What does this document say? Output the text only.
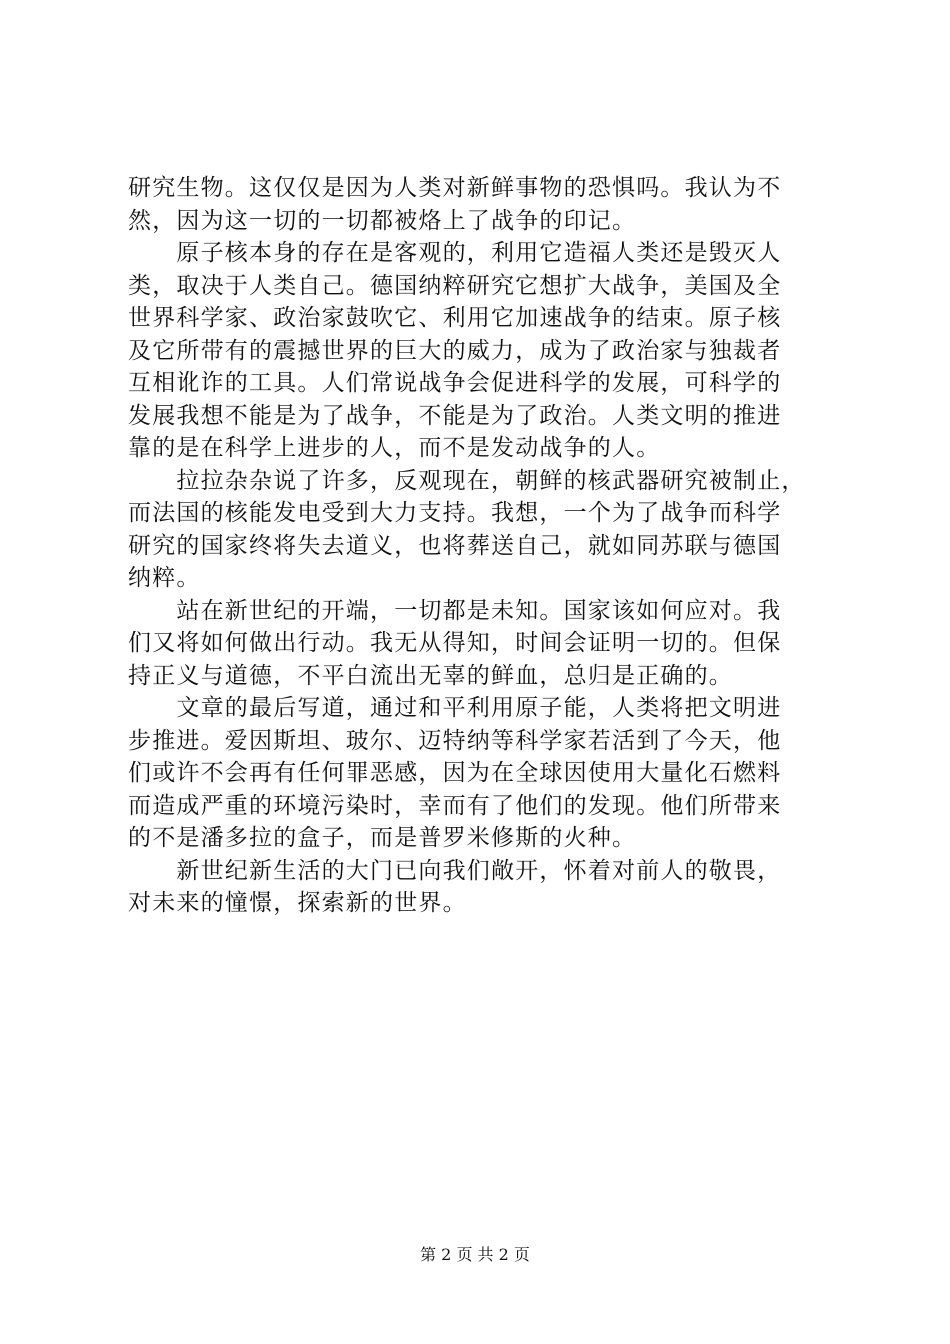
研究生物。这仅仅是因为人类对新鲜事物的恐惧吗。我认为不
然，因为这一切的一切都被烙上了战争的印记。
　　原子核本身的存在是客观的，利用它造福人类还是毁灭人
类，取决于人类自己。德国纳粹研究它想扩大战争，美国及全
世界科学家、政治家鼓吹它、利用它加速战争的结束。原子核
及它所带有的震撼世界的巨大的威力，成为了政治家与独裁者
互相讹诈的工具。人们常说战争会促进科学的发展，可科学的
发展我想不能是为了战争，不能是为了政治。人类文明的推进
靠的是在科学上进步的人，而不是发动战争的人。
　　拉拉杂杂说了许多，反观现在，朝鲜的核武器研究被制止，
而法国的核能发电受到大力支持。我想，一个为了战争而科学
研究的国家终将失去道义，也将葬送自己，就如同苏联与德国
纳粹。
　　站在新世纪的开端，一切都是未知。国家该如何应对。我
们又将如何做出行动。我无从得知，时间会证明一切的。但保
持正义与道德，不平白流出无辜的鲜血，总归是正确的。
　　文章的最后写道，通过和平利用原子能，人类将把文明进
步推进。爱因斯坦、玻尔、迈特纳等科学家若活到了今天，他
们或许不会再有任何罪恶感，因为在全球因使用大量化石燃料
而造成严重的环境污染时，幸而有了他们的发现。他们所带来
的不是潘多拉的盒子，而是普罗米修斯的火种。
　　新世纪新生活的大门已向我们敞开，怀着对前人的敬畏，
对未来的憧憬，探索新的世界。
第 2 页 共 2 页
